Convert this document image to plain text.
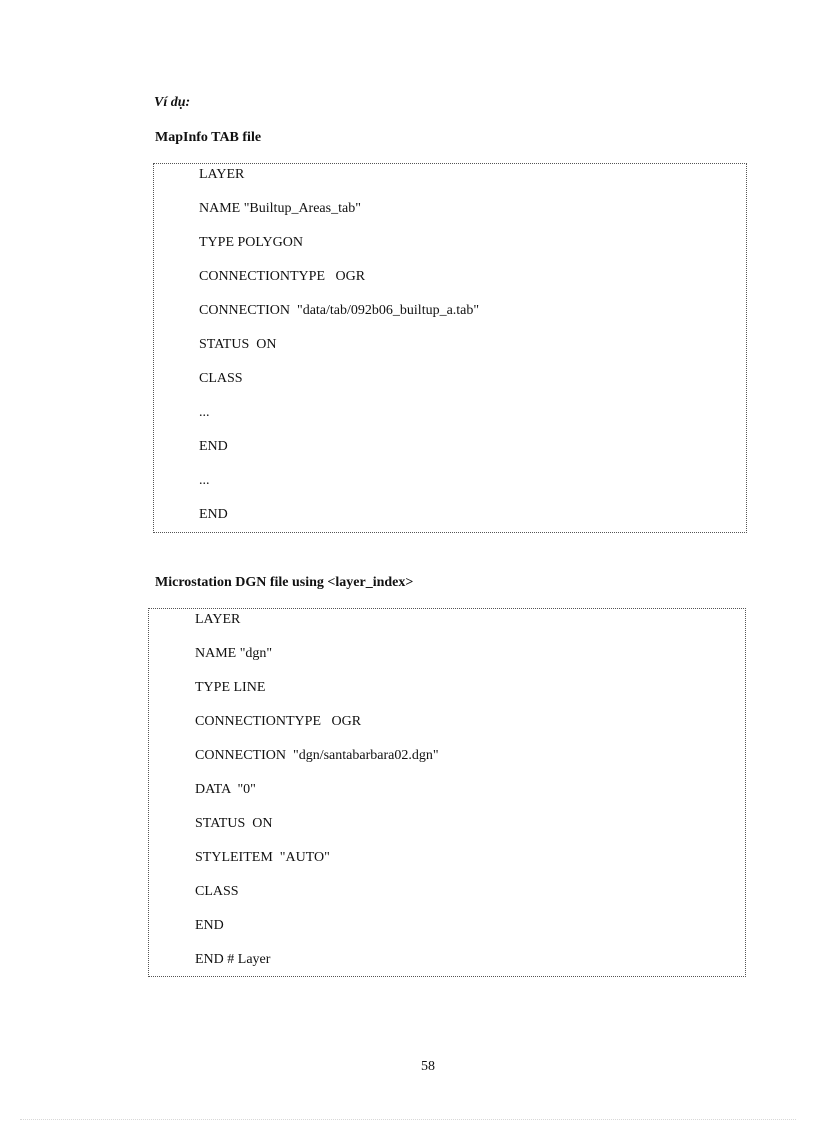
Ví dụ:

MapInfo TAB file

LAYER
NAME "Builtup_Areas_tab"
TYPE POLYGON
CONNECTIONTYPE   OGR
CONNECTION  "data/tab/092b06_builtup_a.tab"
STATUS  ON
CLASS
...
END
...
END

Microstation DGN file using <layer_index>

LAYER
NAME "dgn"
TYPE LINE
CONNECTIONTYPE   OGR
CONNECTION  "dgn/santabarbara02.dgn"
DATA  "0"
STATUS  ON
STYLEITEM  "AUTO"
CLASS
END
END # Layer

58
